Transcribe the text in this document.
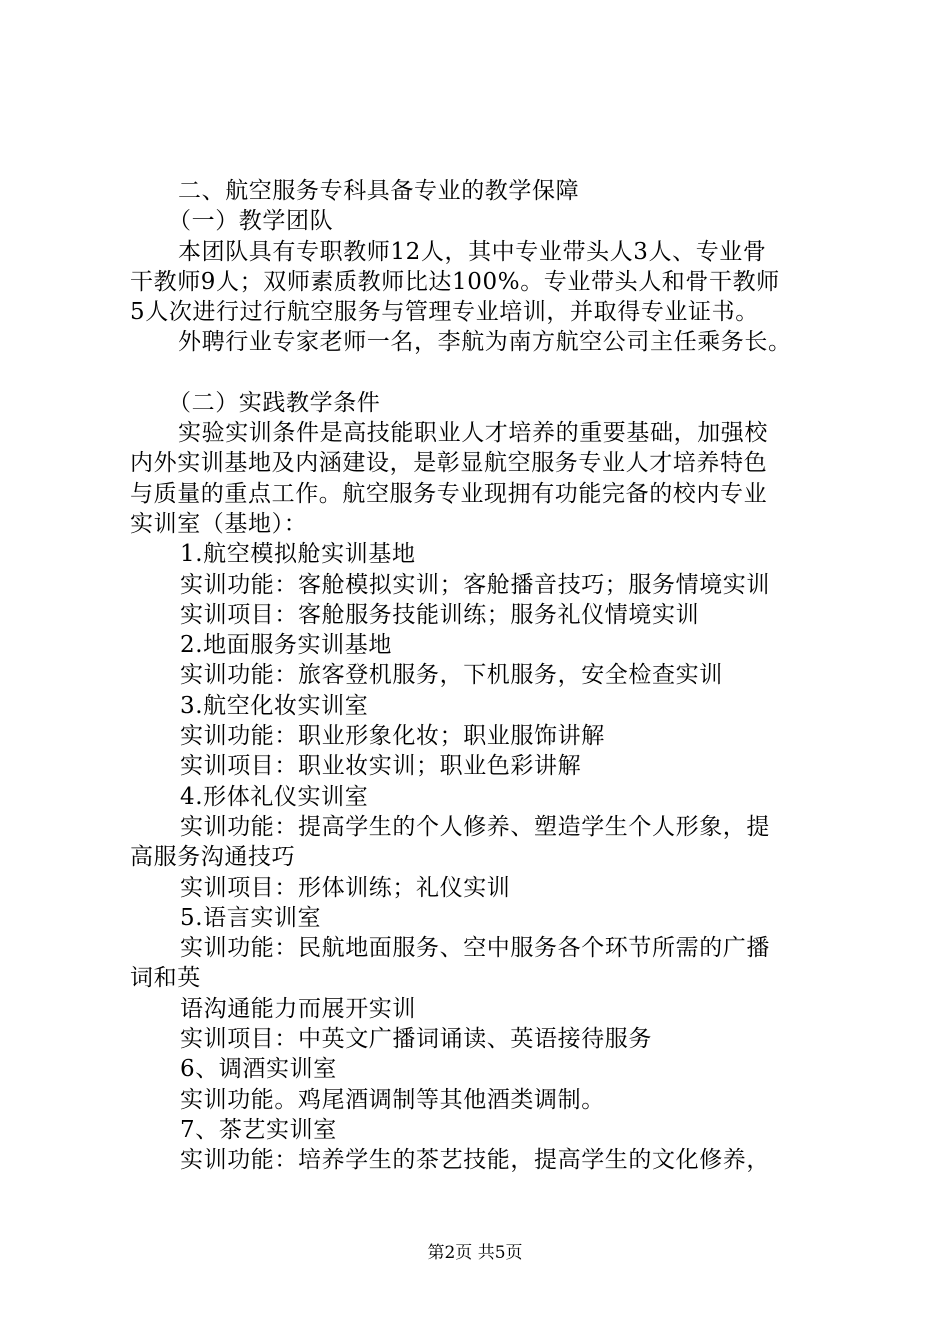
二、航空服务专科具备专业的教学保障
（一）教学团队
本团队具有专职教师12人，其中专业带头人3人、专业骨
干教师9人；双师素质教师比达100%。专业带头人和骨干教师
5人次进行过行航空服务与管理专业培训，并取得专业证书。
外聘行业专家老师一名，李航为南方航空公司主任乘务长。
（二）实践教学条件
实验实训条件是高技能职业人才培养的重要基础，加强校
内外实训基地及内涵建设，是彰显航空服务专业人才培养特色
与质量的重点工作。航空服务专业现拥有功能完备的校内专业
实训室（基地）：
1.航空模拟舱实训基地
实训功能：客舱模拟实训；客舱播音技巧；服务情境实训
实训项目：客舱服务技能训练；服务礼仪情境实训
2.地面服务实训基地
实训功能：旅客登机服务，下机服务，安全检查实训
3.航空化妆实训室
实训功能：职业形象化妆；职业服饰讲解
实训项目：职业妆实训；职业色彩讲解
4.形体礼仪实训室
实训功能：提高学生的个人修养、塑造学生个人形象，提
高服务沟通技巧
实训项目：形体训练；礼仪实训
5.语言实训室
实训功能：民航地面服务、空中服务各个环节所需的广播
词和英
语沟通能力而展开实训
实训项目：中英文广播词诵读、英语接待服务
6、调酒实训室
实训功能。鸡尾酒调制等其他酒类调制。
7、茶艺实训室
实训功能：培养学生的茶艺技能，提高学生的文化修养，
第2页 共5页
